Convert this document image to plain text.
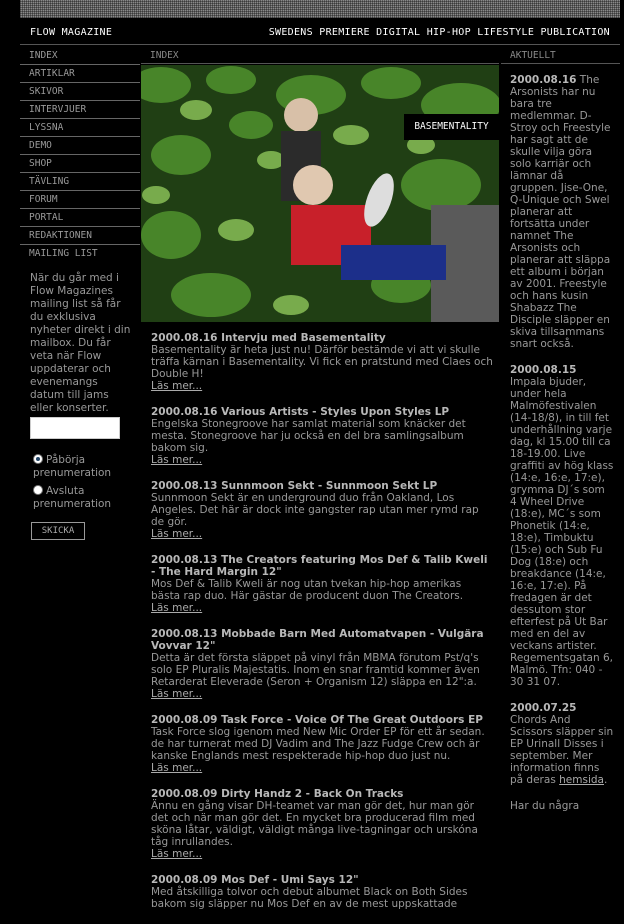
FLOW MAGAZINE	SWEDENS PREMIERE DIGITAL HIP-HOP LIFESTYLE PUBLICATION
INDEX
ARTIKLAR
SKIVOR
INTERVJUER
LYSSNA
DEMO
SHOP
TÄVLING
FORUM
PORTAL
REDAKTIONEN
MAILING LIST
När du går med i Flow Magazines mailing list så får du exklusiva nyheter direkt i din mailbox. Du får veta när Flow uppdaterar och evenemangs datum till jams eller konserter.
Påbörja prenumeration
Avsluta prenumeration
SKICKA
INDEX	AKTUELLT
BASEMENTALITY
2000.08.16 Intervju med Basementality

Basementality är heta just nu! Därför bestämde vi att vi skulle träffa kärnan i Basementality. Vi fick en pratstund med Claes och Double H!

Läs mer...
2000.08.16 Various Artists - Styles Upon Styles LP

Engelska Stonegroove har samlat material som knäcker det mesta. Stonegroove har ju också en del bra samlingsalbum bakom sig.

Läs mer...
2000.08.13 Sunnmoon Sekt - Sunnmoon Sekt LP

Sunnmoon Sekt är en underground duo från Oakland, Los Angeles. Det här är dock inte gangster rap utan mer rymd rap de gör.

Läs mer...
2000.08.13 The Creators featuring Mos Def & Talib Kweli - The Hard Margin 12"

Mos Def & Talib Kweli är nog utan tvekan hip-hop amerikas bästa rap duo. Här gästar de producent duon The Creators.

Läs mer...
2000.08.13 Mobbade Barn Med Automatvapen - Vulgära Vovvar 12"

Detta är det första släppet på vinyl från MBMA förutom Pst/q's solo EP Pluralis Majestatis. Inom en snar framtid kommer även Retarderat Eleverade (Seron + Organism 12) släppa en 12":a.

Läs mer...
2000.08.09 Task Force - Voice Of The Great Outdoors EP

Task Force slog igenom med New Mic Order EP för ett år sedan. de har turnerat med DJ Vadim and The Jazz Fudge Crew och är kanske Englands mest respekterade hip-hop duo just nu.

Läs mer...
2000.08.09 Dirty Handz 2 - Back On Tracks

Ännu en gång visar DH-teamet var man gör det, hur man gör det och när man gör det. En mycket bra producerad film med sköna låtar, väldigt, väldigt många live-tagningar och urskóna tåg inrullandes.

Läs mer...
2000.08.09 Mos Def - Umi Says 12"

Med åtskilliga tolvor och debut albumet Black on Both Sides bakom sig släpper nu Mos Def en av de mest uppskattade

2000.08.16 The Arsonists har nu bara tre medlemmar. D-Stroy och Freestyle har sagt att de skulle vilja göra solo karriär och lämnar då gruppen. Jise-One, Q-Unique och Swel planerar att fortsätta under namnet The Arsonists och planerar att släppa ett album i början av 2001. Freestyle och hans kusin Shabazz The Disciple släpper en skiva tillsammans snart också.
2000.08.15
Impala bjuder, under hela Malmöfestivalen (14-18/8), in till fet underhållning varje dag, kl 15.00 till ca 18-19.00. Live graffiti av hög klass (14:e, 16:e, 17:e), grymma DJ´s som 4 Wheel Drive (18:e), MC´s som Phonetik (14:e, 18:e), Timbuktu (15:e) och Sub Fu Dog (18:e) och breakdance (14:e, 16:e, 17:e). På fredagen är det dessutom stor efterfest på Ut Bar med en del av veckans artister. Regementsgatan 6, Malmö. Tfn: 040 - 30 31 07.
2000.07.25
Chords And Scissors släpper sin EP Urinall Disses i september. Mer information finns på deras hemsida.
Har du några
